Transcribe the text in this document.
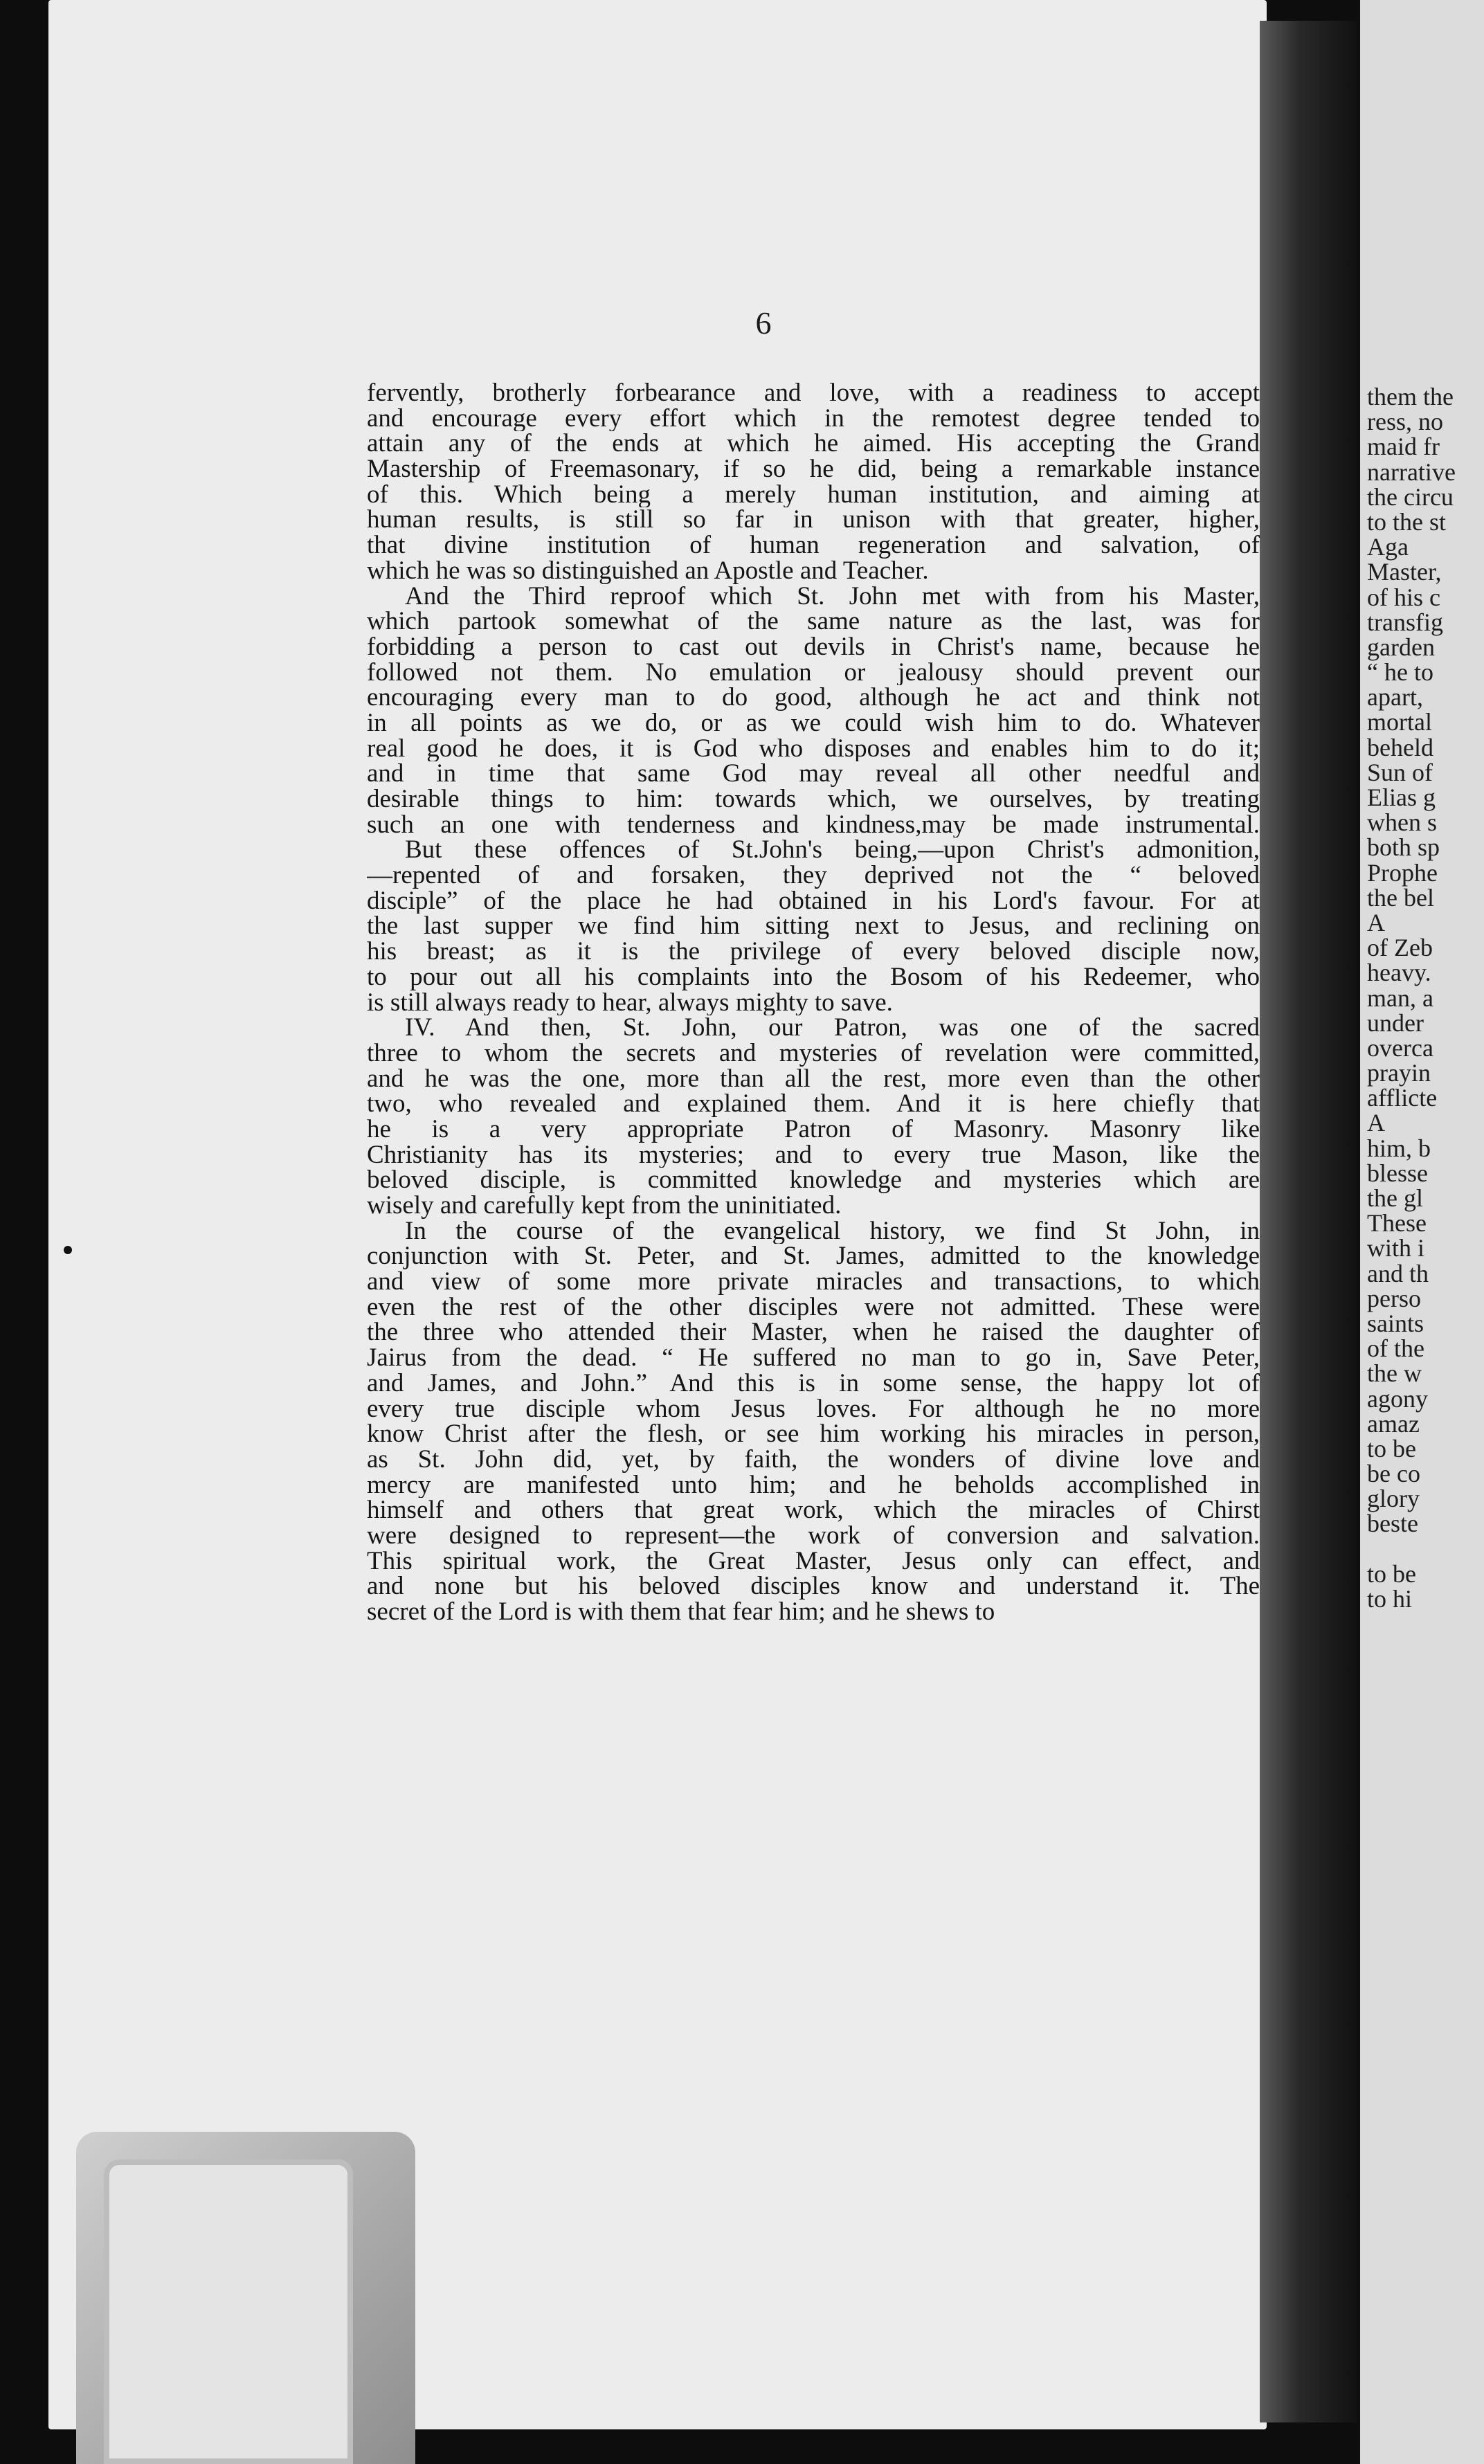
them the
ress, no
maid fr
narrative
the circu
to the st
Aga
Master,
of his c
transfig
garden
“ he to
apart,
mortal
beheld
Sun of
Elias g
when s
both sp
Prophe
the bel
A
of Zeb
heavy.
man, a
under
overca
prayin
afflicte
A
him, b
blesse
the gl
These
with i
and th
perso
saints
of the
the w
agony
amaz
to be
be co
glory
beste
to be
to hi
6
fervently, brotherly forbearance and love, with a readiness to accept
and encourage every effort which in the remotest degree tended to
attain any of the ends at which he aimed. His accepting the Grand
Mastership of Freemasonary, if so he did, being a remarkable instance
of this. Which being a merely human institution, and aiming at
human results, is still so far in unison with that greater, higher,
that divine institution of human regeneration and salvation, of
which he was so distinguished an Apostle and Teacher.
And the Third reproof which St. John met with from his Master,
which partook somewhat of the same nature as the last, was for
forbidding a person to cast out devils in Christ's name, because he
followed not them. No emulation or jealousy should prevent our
encouraging every man to do good, although he act and think not
in all points as we do, or as we could wish him to do. Whatever
real good he does, it is God who disposes and enables him to do it;
and in time that same God may reveal all other needful and
desirable things to him: towards which, we ourselves, by treating
such an one with tenderness and kindness,may be made instrumental.
But these offences of St.John's being,—upon Christ's admonition,
—repented of and forsaken, they deprived not the “ beloved
disciple” of the place he had obtained in his Lord's favour. For at
the last supper we find him sitting next to Jesus, and reclining on
his breast; as it is the privilege of every beloved disciple now,
to pour out all his complaints into the Bosom of his Redeemer, who
is still always ready to hear, always mighty to save.
IV. And then, St. John, our Patron, was one of the sacred
three to whom the secrets and mysteries of revelation were committed,
and he was the one, more than all the rest, more even than the other
two, who revealed and explained them. And it is here chiefly that
he is a very appropriate Patron of Masonry. Masonry like
Christianity has its mysteries; and to every true Mason, like the
beloved disciple, is committed knowledge and mysteries which are
wisely and carefully kept from the uninitiated.
In the course of the evangelical history, we find St John, in
conjunction with St. Peter, and St. James, admitted to the knowledge
and view of some more private miracles and transactions, to which
even the rest of the other disciples were not admitted. These were
the three who attended their Master, when he raised the daughter of
Jairus from the dead. “ He suffered no man to go in, Save Peter,
and James, and John.” And this is in some sense, the happy lot of
every true disciple whom Jesus loves. For although he no more
know Christ after the flesh, or see him working his miracles in person,
as St. John did, yet, by faith, the wonders of divine love and
mercy are manifested unto him; and he beholds accomplished in
himself and others that great work, which the miracles of Chirst
were designed to represent—the work of conversion and salvation.
This spiritual work, the Great Master, Jesus only can effect, and
and none but his beloved disciples know and understand it. The
secret of the Lord is with them that fear him; and he shews to
